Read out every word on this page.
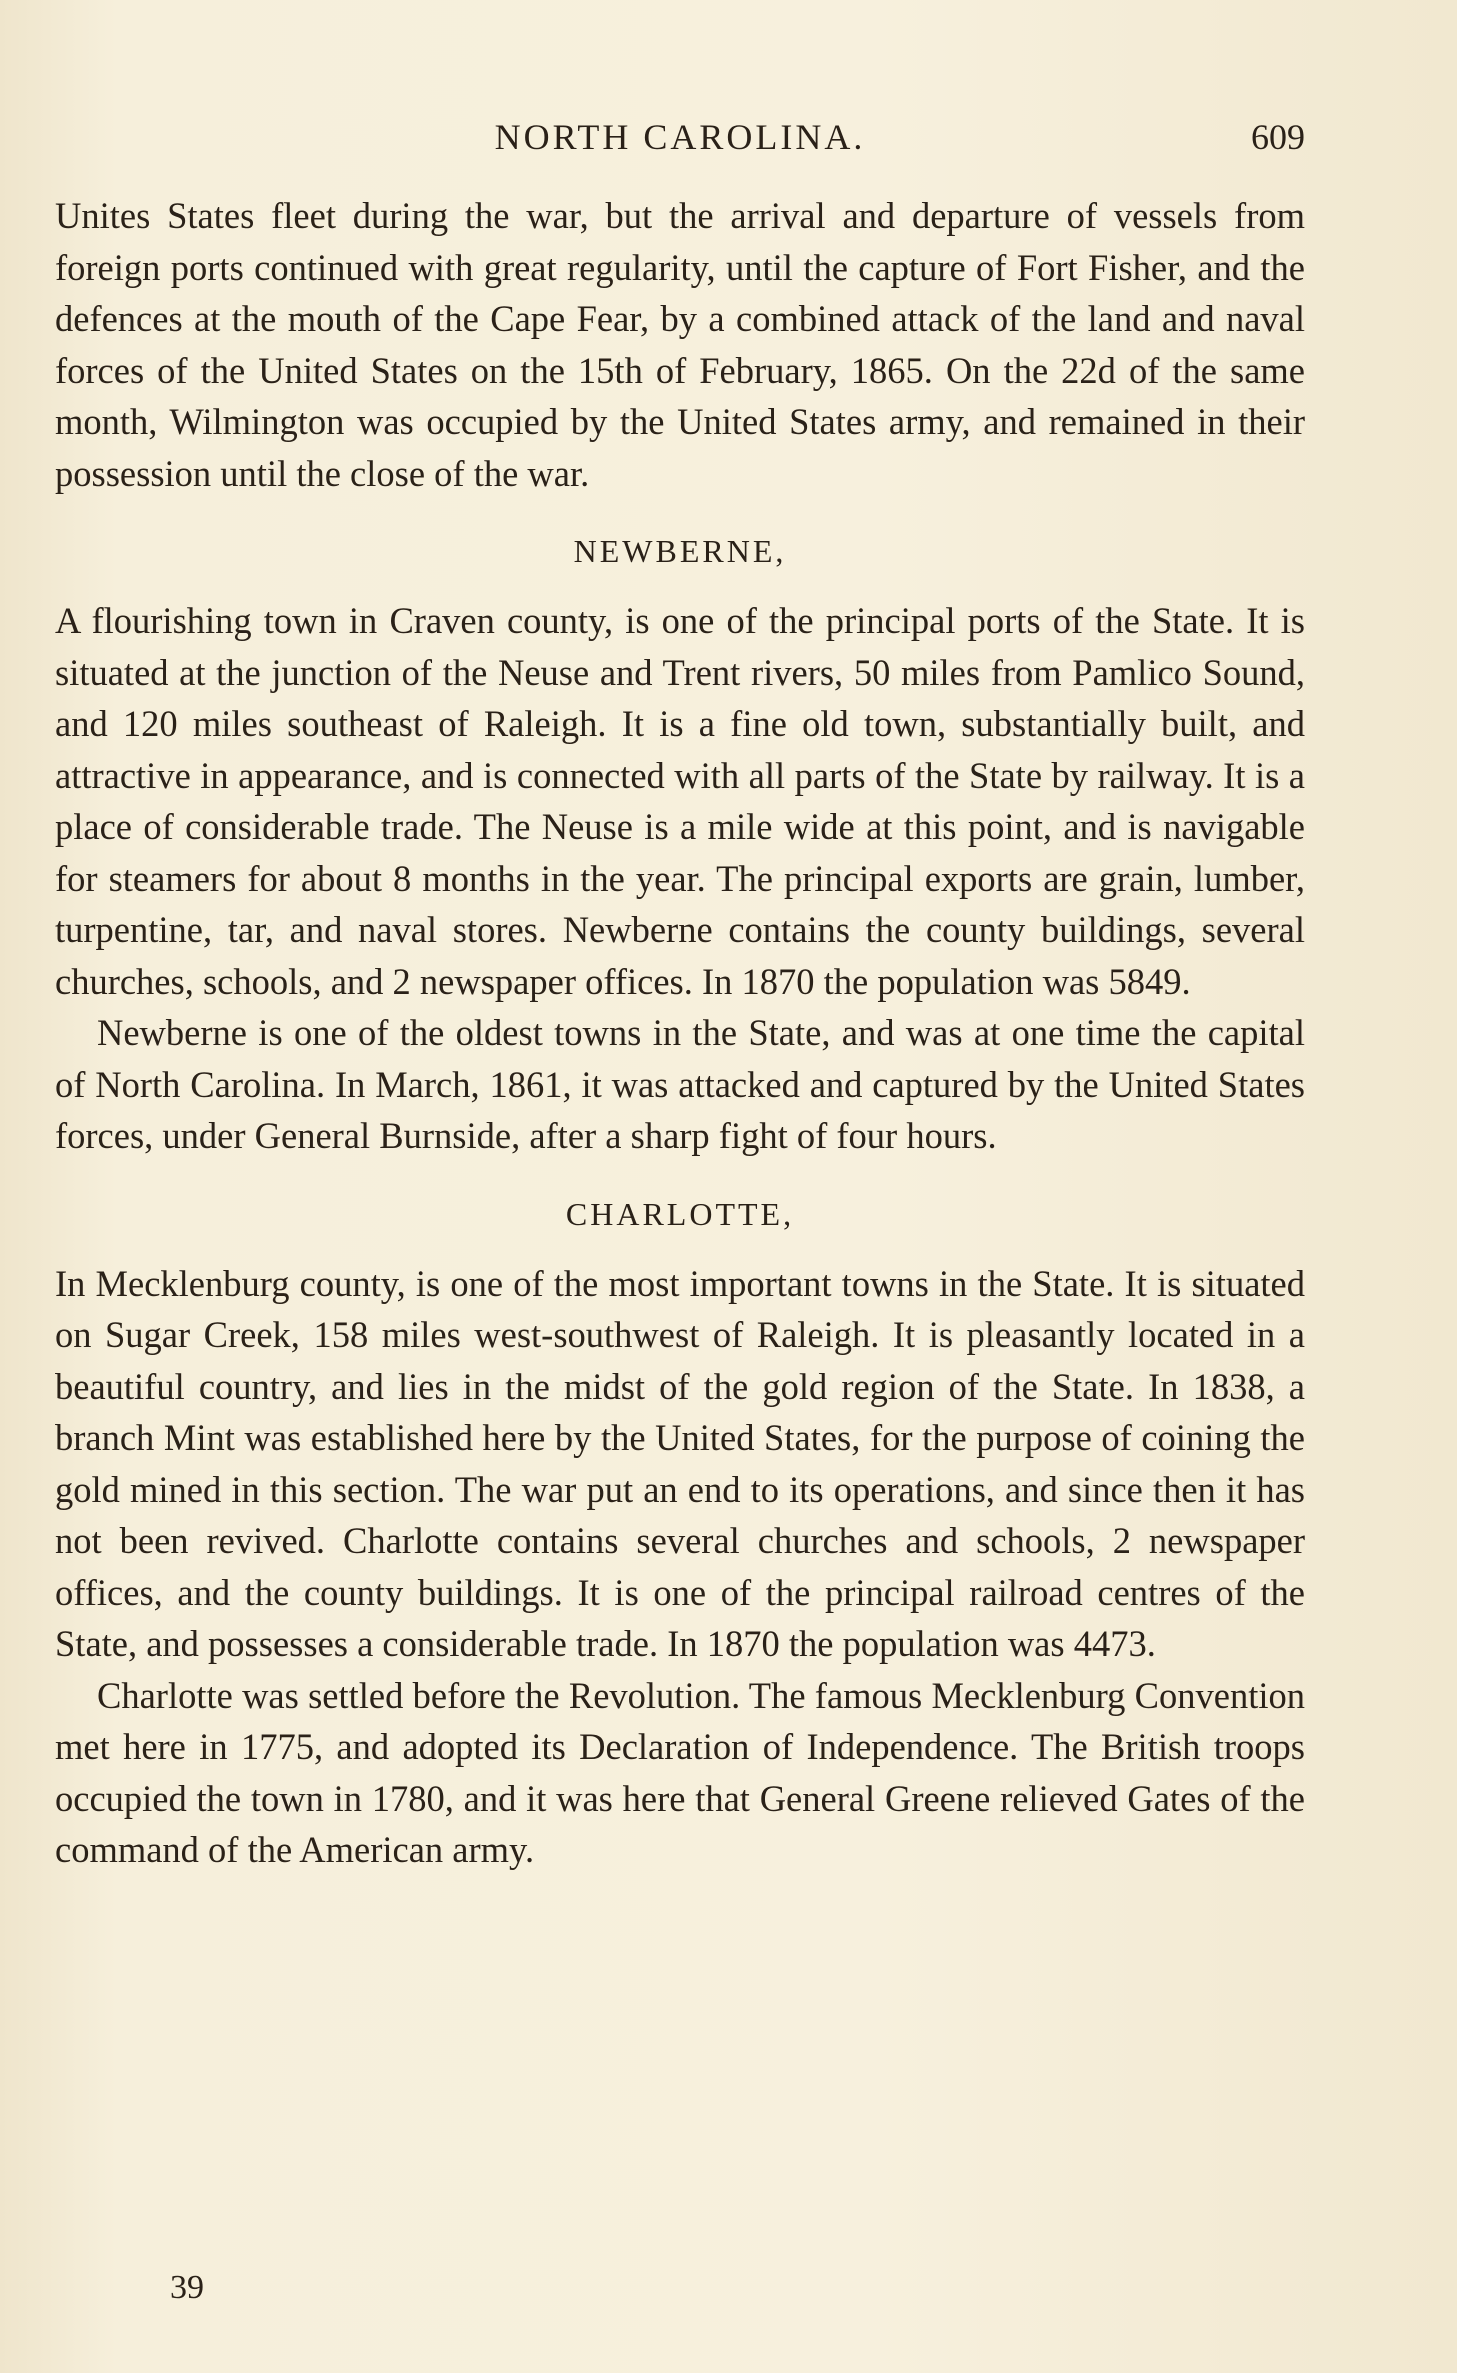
NORTH CAROLINA.	609

Unites States fleet during the war, but the arrival and departure of vessels from foreign ports continued with great regularity, until the capture of Fort Fisher, and the defences at the mouth of the Cape Fear, by a combined attack of the land and naval forces of the United States on the 15th of February, 1865. On the 22d of the same month, Wilmington was occupied by the United States army, and remained in their possession until the close of the war.

NEWBERNE,

A flourishing town in Craven county, is one of the principal ports of the State. It is situated at the junction of the Neuse and Trent rivers, 50 miles from Pamlico Sound, and 120 miles southeast of Raleigh. It is a fine old town, substantially built, and attractive in appearance, and is connected with all parts of the State by railway. It is a place of considerable trade. The Neuse is a mile wide at this point, and is navigable for steamers for about 8 months in the year. The principal exports are grain, lumber, turpentine, tar, and naval stores. Newberne contains the county buildings, several churches, schools, and 2 newspaper offices. In 1870 the population was 5849.

Newberne is one of the oldest towns in the State, and was at one time the capital of North Carolina. In March, 1861, it was attacked and captured by the United States forces, under General Burnside, after a sharp fight of four hours.

CHARLOTTE,

In Mecklenburg county, is one of the most important towns in the State. It is situated on Sugar Creek, 158 miles west-southwest of Raleigh. It is pleasantly located in a beautiful country, and lies in the midst of the gold region of the State. In 1838, a branch Mint was established here by the United States, for the purpose of coining the gold mined in this section. The war put an end to its operations, and since then it has not been revived. Charlotte contains several churches and schools, 2 newspaper offices, and the county buildings. It is one of the principal railroad centres of the State, and possesses a considerable trade. In 1870 the population was 4473.

Charlotte was settled before the Revolution. The famous Mecklenburg Convention met here in 1775, and adopted its Declaration of Independence. The British troops occupied the town in 1780, and it was here that General Greene relieved Gates of the command of the American army.

39
